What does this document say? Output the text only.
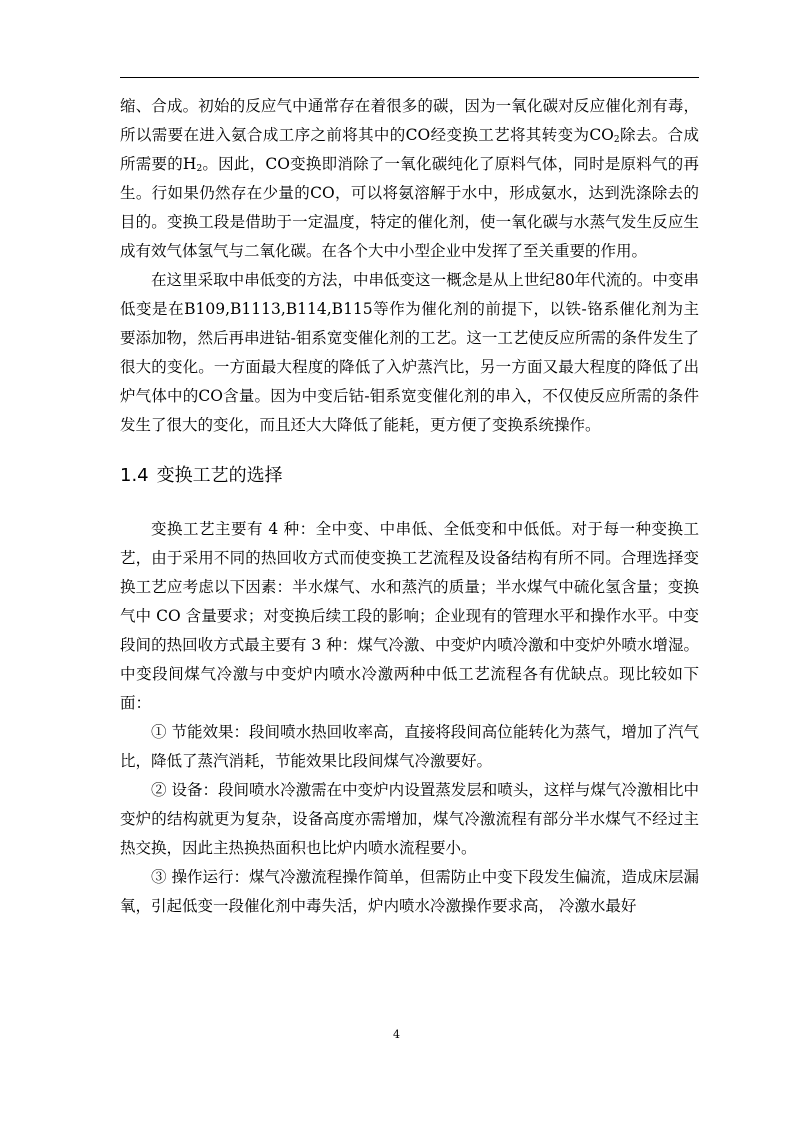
缩、合成。初始的反应气中通常存在着很多的碳，因为一氧化碳对反应催化剂有毒，所以需要在进入氨合成工序之前将其中的CO经变换工艺将其转变为$CO_2$除去。合成所需要的$H_2$。因此，CO变换即消除了一氧化碳纯化了原料气体，同时是原料气的再生。行如果仍然存在少量的CO，可以将氨溶解于水中，形成氨水，达到洗涤除去的目的。变换工段是借助于一定温度，特定的催化剂，使一氧化碳与水蒸气发生反应生成有效气体氢气与二氧化碳。在各个大中小型企业中发挥了至关重要的作用。

在这里采取中串低变的方法，中串低变这一概念是从上世纪80年代流的。中变串低变是在B109,B1113,B114,B115等作为催化剂的前提下，以铁-铬系催化剂为主要添加物，然后再串进钴-钼系宽变催化剂的工艺。这一工艺使反应所需的条件发生了很大的变化。一方面最大程度的降低了入炉蒸汽比，另一方面又最大程度的降低了出炉气体中的CO含量。因为中变后钴-钼系宽变催化剂的串入，不仅使反应所需的条件发生了很大的变化，而且还大大降低了能耗，更方便了变换系统操作。

1.4 变换工艺的选择

变换工艺主要有 4 种：全中变、中串低、全低变和中低低。对于每一种变换工艺，由于采用不同的热回收方式而使变换工艺流程及设备结构有所不同。合理选择变换工艺应考虑以下因素：半水煤气、水和蒸汽的质量；半水煤气中硫化氢含量；变换气中 CO 含量要求；对变换后续工段的影响；企业现有的管理水平和操作水平。中变段间的热回收方式最主要有 3 种：煤气冷激、中变炉内喷冷激和中变炉外喷水增湿。中变段间煤气冷激与中变炉内喷水冷激两种中低工艺流程各有优缺点。现比较如下面：

① 节能效果：段间喷水热回收率高，直接将段间高位能转化为蒸气，增加了汽气比，降低了蒸汽消耗，节能效果比段间煤气冷激要好。

② 设备：段间喷水冷激需在中变炉内设置蒸发层和喷头，这样与煤气冷激相比中变炉的结构就更为复杂，设备高度亦需增加，煤气冷激流程有部分半水煤气不经过主热交换，因此主热换热面积也比炉内喷水流程要小。

③ 操作运行：煤气冷激流程操作简单，但需防止中变下段发生偏流，造成床层漏氧，引起低变一段催化剂中毒失活，炉内喷水冷激操作要求高， 冷激水最好

4
